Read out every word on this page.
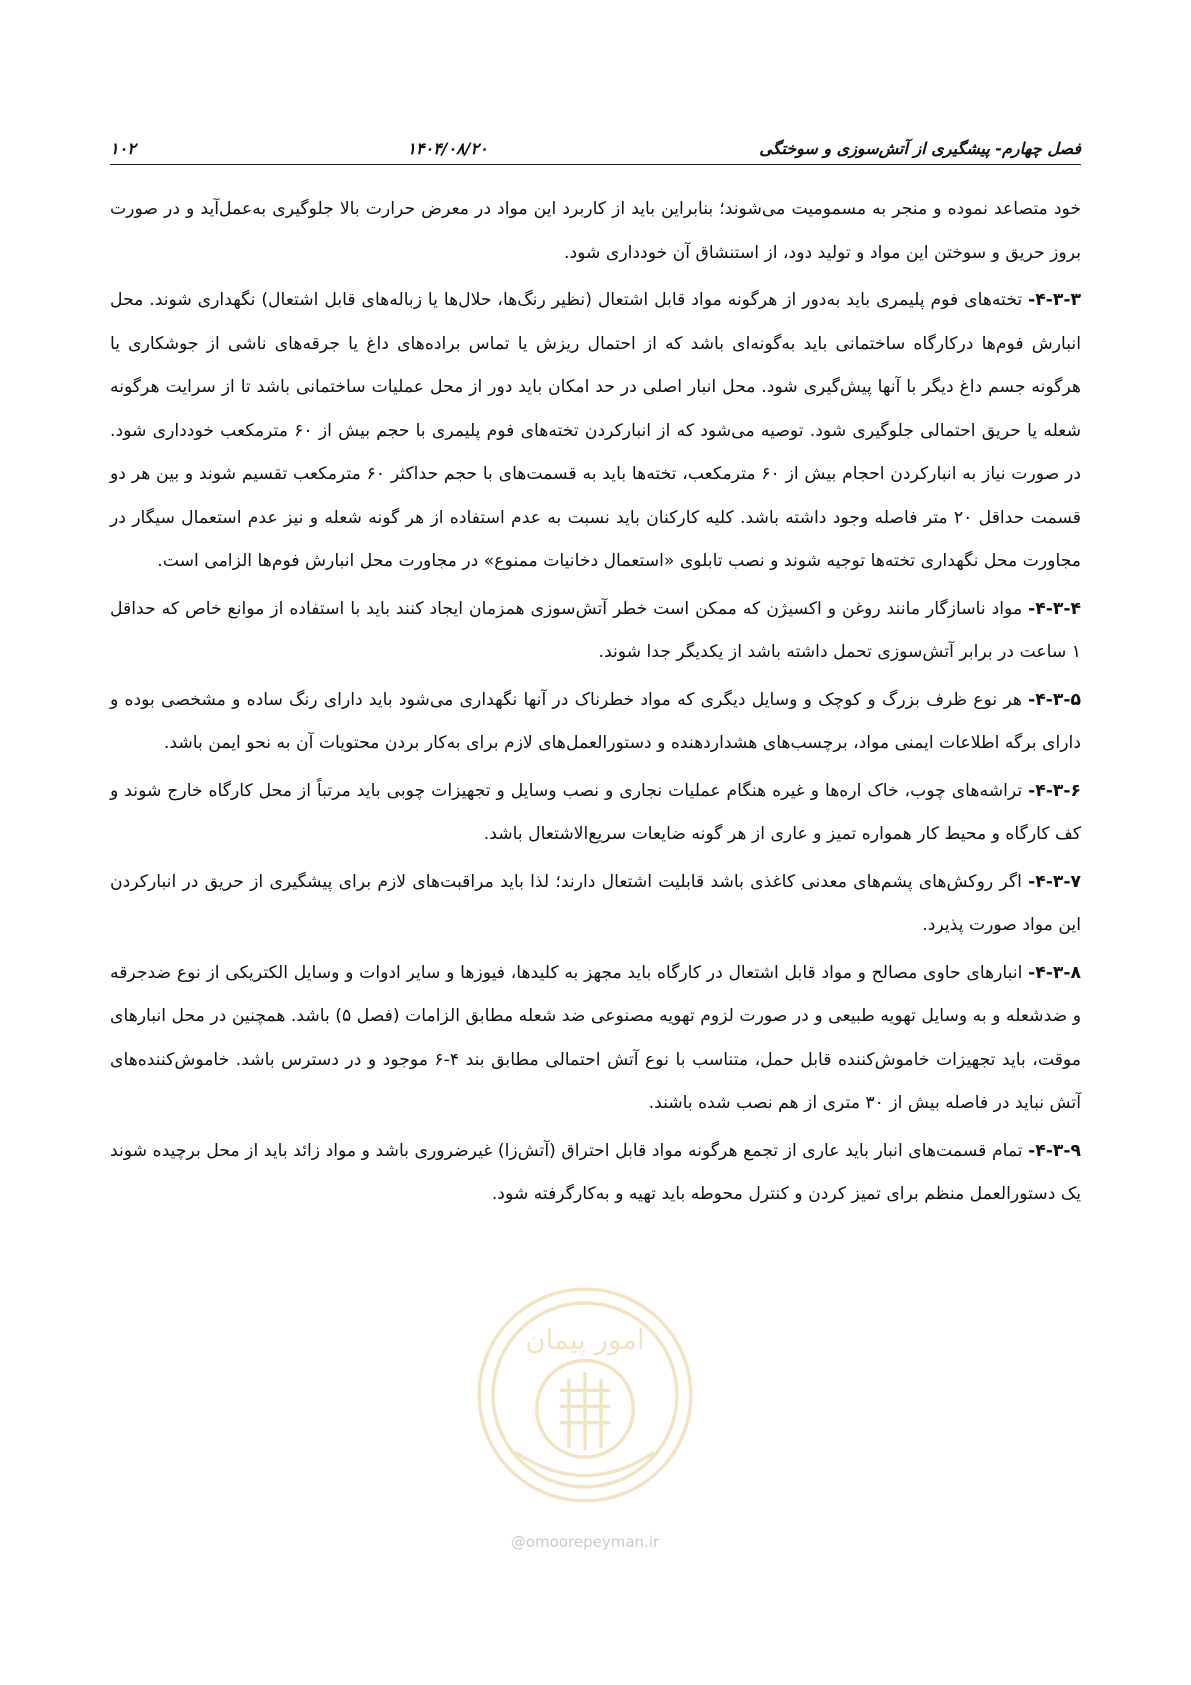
۱۰۲	۱۴۰۴/۰۸/۲۰	فصل چهارم- پیشگیری از آتش‌سوزی و سوختگی

خود متصاعد نموده و منجر به مسمومیت می‌شوند؛ بنابراین باید از کاربرد این مواد در معرض حرارت بالا جلوگیری به‌عمل‌آید و در صورت بروز حریق و سوختن این مواد و تولید دود، از استنشاق آن خودداری شود.

۴-۳-۳- تخته‌های فوم پلیمری باید به‌دور از هرگونه مواد قابل اشتعال (نظیر رنگ‌ها، حلال‌ها یا زباله‌های قابل اشتعال) نگهداری شوند. محل انبارش فوم‌ها درکارگاه ساختمانی باید به‌گونه‌ای باشد که از احتمال ریزش یا تماس براده‌های داغ یا جرقه‌های ناشی از جوشکاری یا هرگونه جسم داغ دیگر با آنها پیش‌گیری شود. محل انبار اصلی در حد امکان باید دور از محل عملیات ساختمانی باشد تا از سرایت هرگونه شعله یا حریق احتمالی جلوگیری شود. توصیه می‌شود که از انبارکردن تخته‌های فوم پلیمری با حجم بیش از ۶۰ مترمکعب خودداری شود. در صورت نیاز به انبارکردن احجام بیش از ۶۰ مترمکعب، تخته‌ها باید به قسمت‌های با حجم حداکثر ۶۰ مترمکعب تقسیم شوند و بین هر دو قسمت حداقل ۲۰ متر فاصله وجود داشته باشد. کلیه کارکنان باید نسبت به عدم استفاده از هر گونه شعله و نیز عدم استعمال سیگار در مجاورت محل نگهداری تخته‌ها توجیه شوند و نصب تابلوی «استعمال دخانیات ممنوع» در مجاورت محل انبارش فوم‌ها الزامی است.

۴-۳-۴- مواد ناسازگار مانند روغن و اکسیژن که ممکن است خطر آتش‌سوزی همزمان ایجاد کنند باید با استفاده از موانع خاص که حداقل ۱ ساعت در برابر آتش‌سوزی تحمل داشته باشد از یکدیگر جدا شوند.

۴-۳-۵- هر نوع ظرف بزرگ و کوچک و وسایل دیگری که مواد خطرناک در آنها نگهداری می‌شود باید دارای رنگ ساده و مشخصی بوده و دارای برگه اطلاعات ایمنی مواد، برچسب‌های هشداردهنده و دستورالعمل‌های لازم برای به‌کار بردن محتویات آن به نحو ایمن باشد.

۴-۳-۶- تراشه‌های چوب، خاک اره‌ها و غیره هنگام عملیات نجاری و نصب وسایل و تجهیزات چوبی باید مرتباً از محل کارگاه خارج شوند و کف کارگاه و محیط کار همواره تمیز و عاری از هر گونه ضایعات سریع‌الاشتعال باشد.

۴-۳-۷- اگر روکش‌های پشم‌های معدنی کاغذی باشد قابلیت اشتعال دارند؛ لذا باید مراقبت‌های لازم برای پیشگیری از حریق در انبارکردن این مواد صورت پذیرد.

۴-۳-۸- انبارهای حاوی مصالح و مواد قابل اشتعال در کارگاه باید مجهز به کلیدها، فیوزها و سایر ادوات و وسایل الکتریکی از نوع ضدجرقه و ضدشعله و به وسایل تهویه طبیعی و در صورت لزوم تهویه مصنوعی ضد شعله مطابق الزامات (فصل ۵) باشد. همچنین در محل انبارهای موقت، باید تجهیزات خاموش‌کننده قابل حمل، متناسب با نوع آتش احتمالی مطابق بند ۴-۶ موجود و در دسترس باشد. خاموش‌کننده‌های آتش نباید در فاصله بیش از ۳۰ متری از هم نصب شده باشند.

۴-۳-۹- تمام قسمت‌های انبار باید عاری از تجمع هرگونه مواد قابل احتراق (آتش‌زا) غیرضروری باشد و مواد زائد باید از محل برچیده شوند یک دستورالعمل منظم برای تمیز کردن و کنترل محوطه باید تهیه و به‌کارگرفته شود.

امور پیمان
@omoorepeyman.ir
